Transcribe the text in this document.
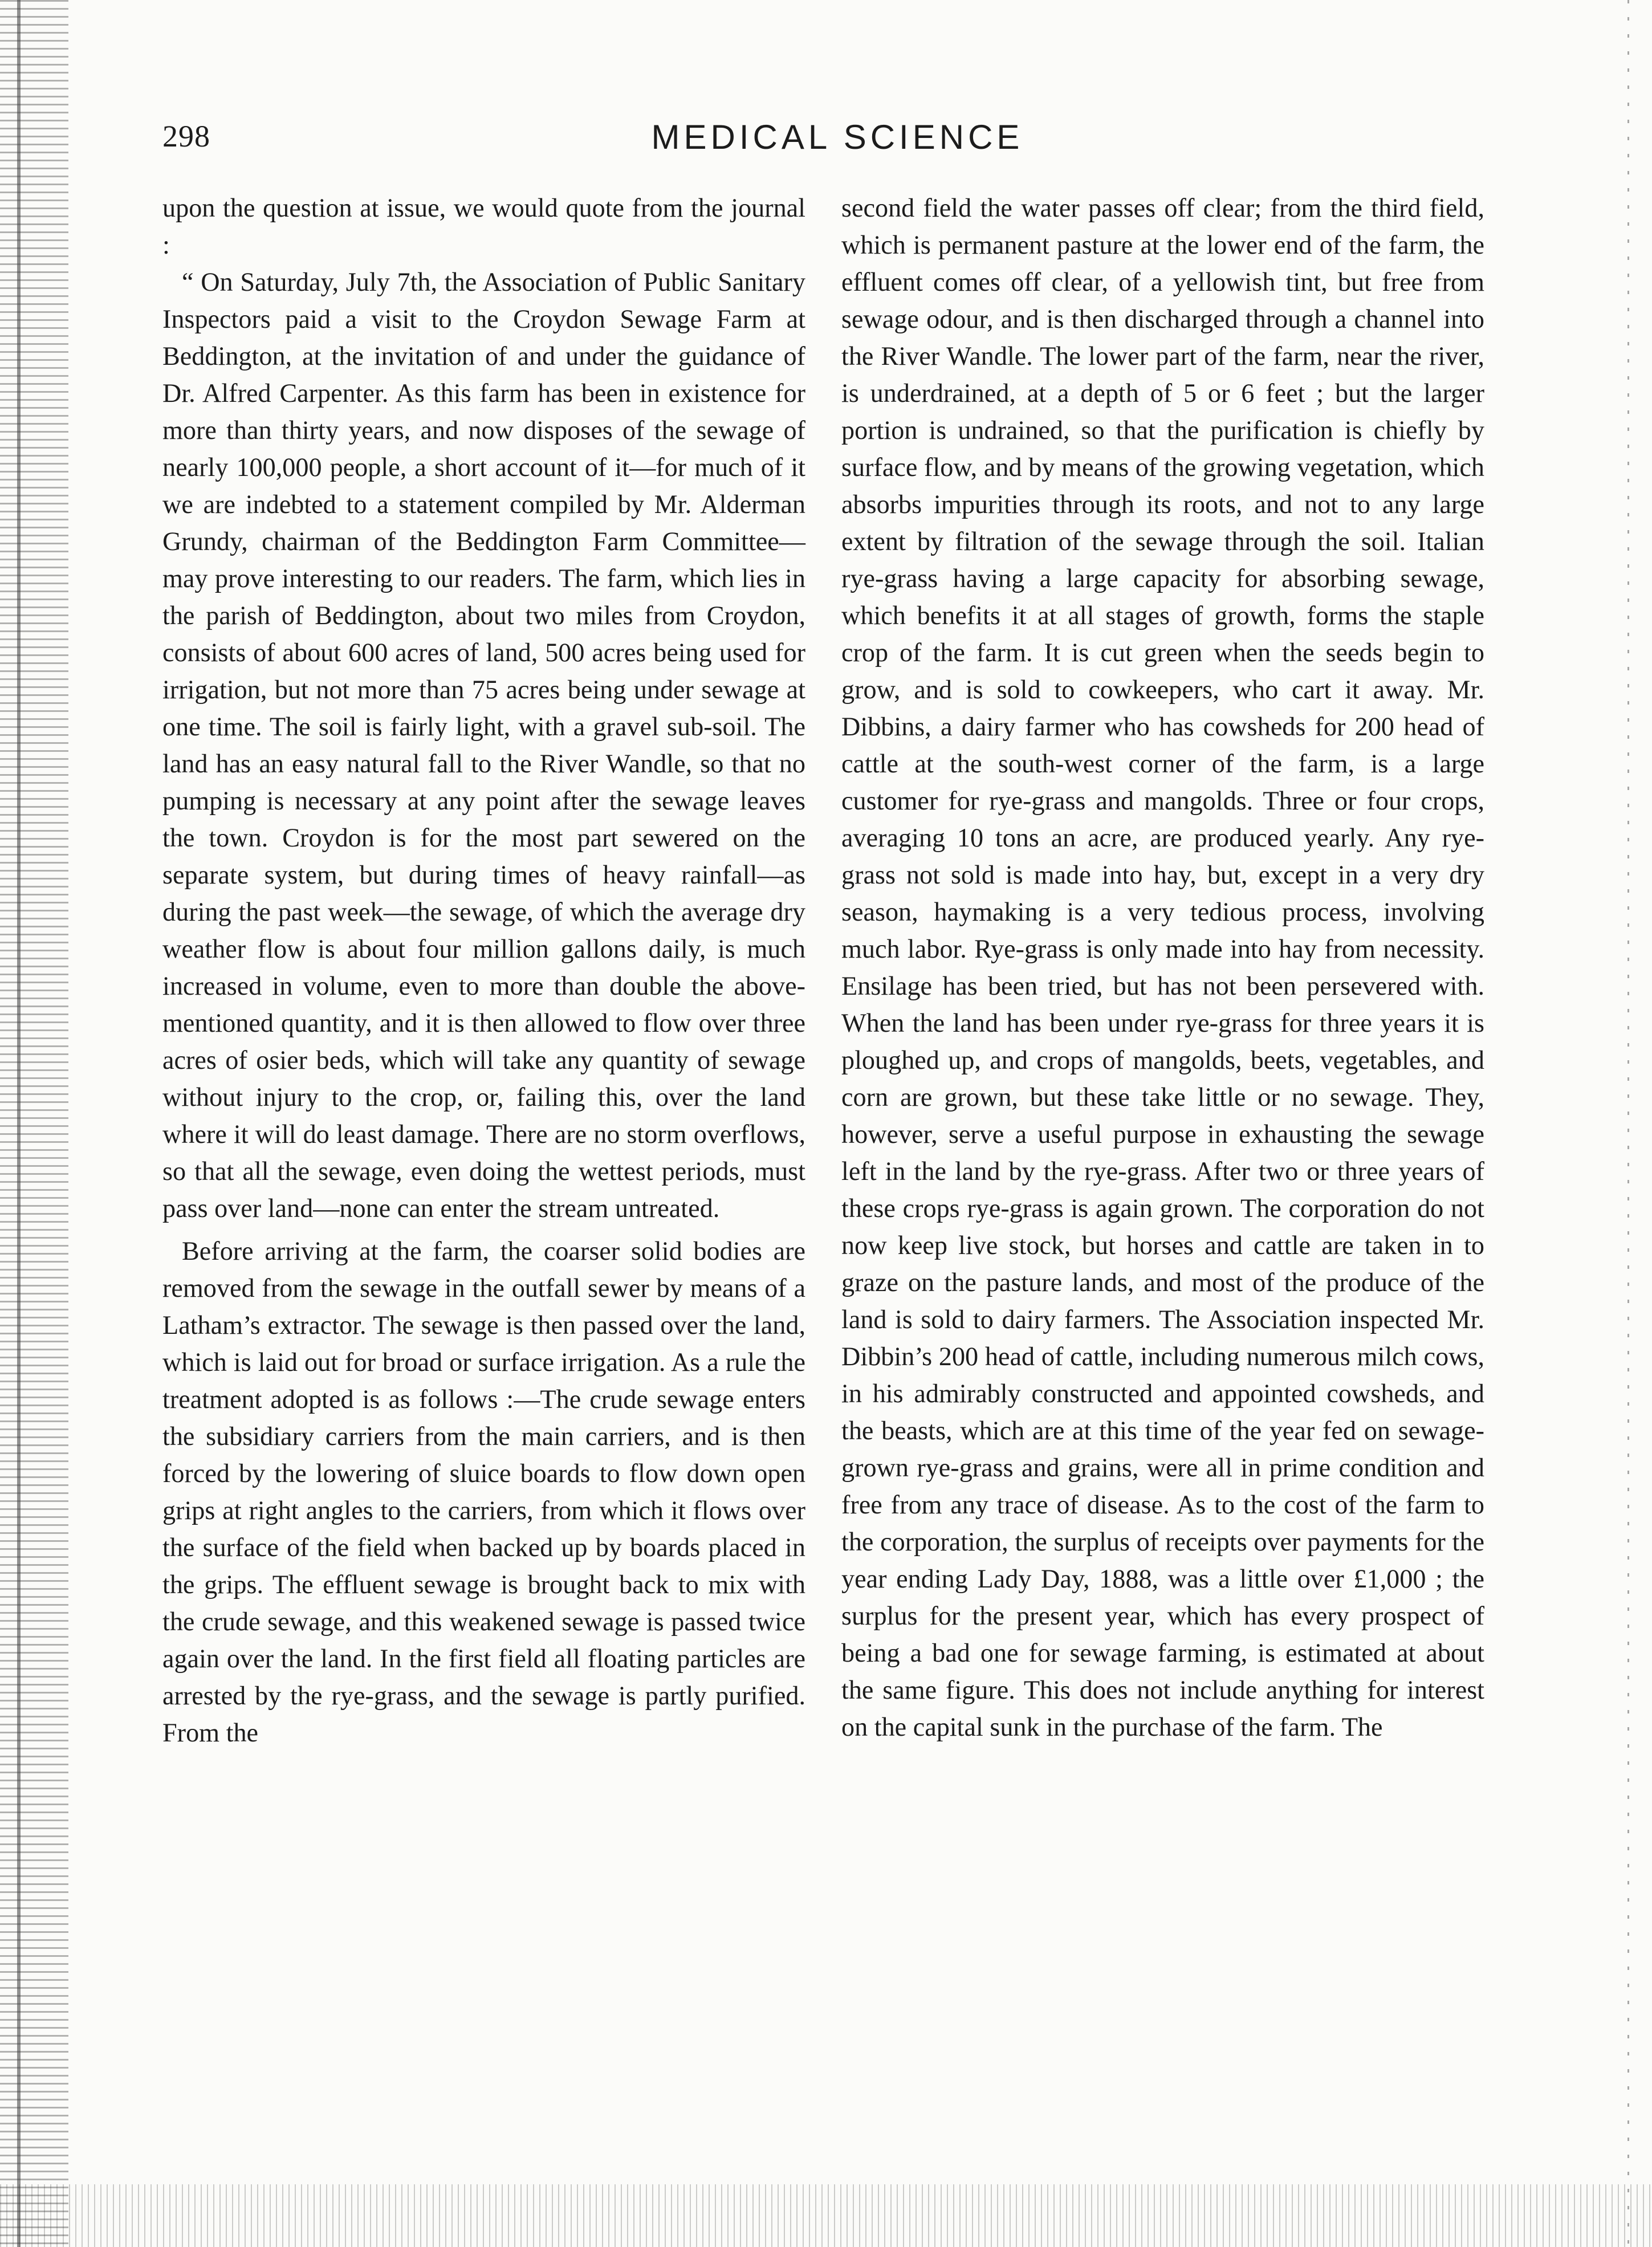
298	MEDICAL SCIENCE

upon the question at issue, we would quote from the journal :

“ On Saturday, July 7th, the Association of Public Sanitary Inspectors paid a visit to the Croydon Sewage Farm at Beddington, at the invitation of and under the guidance of Dr. Alfred Carpenter. As this farm has been in existence for more than thirty years, and now disposes of the sewage of nearly 100,000 people, a short account of it—for much of it we are indebted to a statement compiled by Mr. Alderman Grundy, chairman of the Beddington Farm Committee—may prove interesting to our readers. The farm, which lies in the parish of Beddington, about two miles from Croydon, consists of about 600 acres of land, 500 acres being used for irrigation, but not more than 75 acres being under sewage at one time. The soil is fairly light, with a gravel sub-soil. The land has an easy natural fall to the River Wandle, so that no pumping is necessary at any point after the sewage leaves the town. Croydon is for the most part sewered on the separate system, but during times of heavy rainfall—as during the past week—the sewage, of which the average dry weather flow is about four million gallons daily, is much increased in volume, even to more than double the above-mentioned quantity, and it is then allowed to flow over three acres of osier beds, which will take any quantity of sewage without injury to the crop, or, failing this, over the land where it will do least damage. There are no storm overflows, so that all the sewage, even doing the wettest periods, must pass over land—none can enter the stream untreated.

Before arriving at the farm, the coarser solid bodies are removed from the sewage in the outfall sewer by means of a Latham’s extractor. The sewage is then passed over the land, which is laid out for broad or surface irrigation. As a rule the treatment adopted is as follows :—The crude sewage enters the subsidiary carriers from the main carriers, and is then forced by the lowering of sluice boards to flow down open grips at right angles to the carriers, from which it flows over the surface of the field when backed up by boards placed in the grips. The effluent sewage is brought back to mix with the crude sewage, and this weakened sewage is passed twice again over the land. In the first field all floating particles are arrested by the rye-grass, and the sewage is partly purified. From the

second field the water passes off clear; from the third field, which is permanent pasture at the lower end of the farm, the effluent comes off clear, of a yellowish tint, but free from sewage odour, and is then discharged through a channel into the River Wandle. The lower part of the farm, near the river, is underdrained, at a depth of 5 or 6 feet ; but the larger portion is undrained, so that the purification is chiefly by surface flow, and by means of the growing vegetation, which absorbs impurities through its roots, and not to any large extent by filtration of the sewage through the soil. Italian rye-grass having a large capacity for absorbing sewage, which benefits it at all stages of growth, forms the staple crop of the farm. It is cut green when the seeds begin to grow, and is sold to cowkeepers, who cart it away. Mr. Dibbins, a dairy farmer who has cowsheds for 200 head of cattle at the south-west corner of the farm, is a large customer for rye-grass and mangolds. Three or four crops, averaging 10 tons an acre, are produced yearly. Any rye-grass not sold is made into hay, but, except in a very dry season, haymaking is a very tedious process, involving much labor. Rye-grass is only made into hay from necessity. Ensilage has been tried, but has not been persevered with. When the land has been under rye-grass for three years it is ploughed up, and crops of mangolds, beets, vegetables, and corn are grown, but these take little or no sewage. They, however, serve a useful purpose in exhausting the sewage left in the land by the rye-grass. After two or three years of these crops rye-grass is again grown. The corporation do not now keep live stock, but horses and cattle are taken in to graze on the pasture lands, and most of the produce of the land is sold to dairy farmers. The Association inspected Mr. Dibbin’s 200 head of cattle, including numerous milch cows, in his admirably constructed and appointed cowsheds, and the beasts, which are at this time of the year fed on sewage-grown rye-grass and grains, were all in prime condition and free from any trace of disease. As to the cost of the farm to the corporation, the surplus of receipts over payments for the year ending Lady Day, 1888, was a little over £1,000 ; the surplus for the present year, which has every prospect of being a bad one for sewage farming, is estimated at about the same figure. This does not include anything for interest on the capital sunk in the purchase of the farm. The
